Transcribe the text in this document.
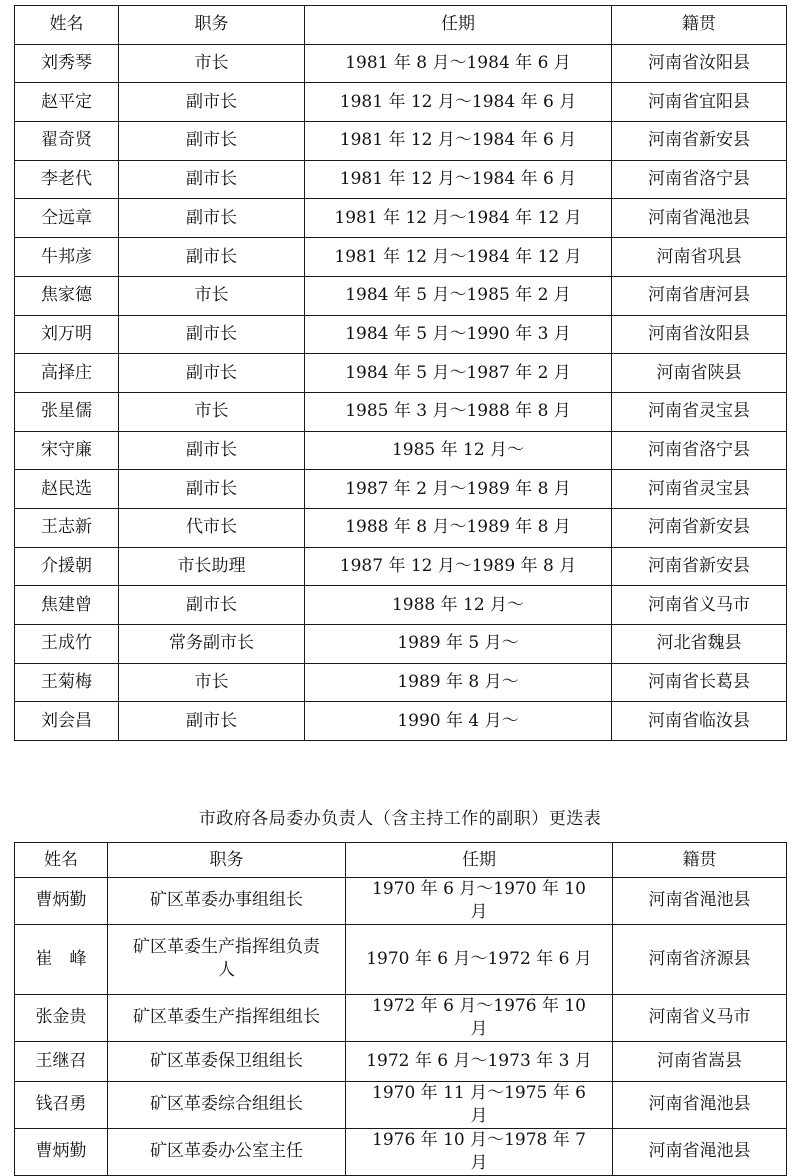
姓名	职务	任期	籍贯

刘秀琴	市长	1981 年 8 月～1984 年 6 月	河南省汝阳县

赵平定	副市长	1981 年 12 月～1984 年 6 月	河南省宜阳县

翟奇贤	副市长	1981 年 12 月～1984 年 6 月	河南省新安县

李老代	副市长	1981 年 12 月～1984 年 6 月	河南省洛宁县

仝远章	副市长	1981 年 12 月～1984 年 12 月	河南省渑池县

牛邦彦	副市长	1981 年 12 月～1984 年 12 月	河南省巩县

焦家德	市长	1984 年 5 月～1985 年 2 月	河南省唐河县

刘万明	副市长	1984 年 5 月～1990 年 3 月	河南省汝阳县

高择庄	副市长	1984 年 5 月～1987 年 2 月	河南省陕县

张星儒	市长	1985 年 3 月～1988 年 8 月	河南省灵宝县

宋守廉	副市长	1985 年 12 月～	河南省洛宁县

赵民选	副市长	1987 年 2 月～1989 年 8 月	河南省灵宝县

王志新	代市长	1988 年 8 月～1989 年 8 月	河南省新安县

介援朝	市长助理	1987 年 12 月～1989 年 8 月	河南省新安县

焦建曾	副市长	1988 年 12 月～	河南省义马市

王成竹	常务副市长	1989 年 5 月～	河北省魏县

王菊梅	市长	1989 年 8 月～	河南省长葛县

刘会昌	副市长	1990 年 4 月～	河南省临汝县
市政府各局委办负责人（含主持工作的副职）更迭表
姓名	职务	任期	籍贯

曹炳勤	矿区革委办事组组长	1970 年 6 月～1970 年 10 月	河南省渑池县

崔　峰	矿区革委生产指挥组负责人	1970 年 6 月～1972 年 6 月	河南省济源县

张金贵	矿区革委生产指挥组组长	1972 年 6 月～1976 年 10 月	河南省义马市

王继召	矿区革委保卫组组长	1972 年 6 月～1973 年 3 月	河南省嵩县

钱召勇	矿区革委综合组组长	1970 年 11 月～1975 年 6 月	河南省渑池县

曹炳勤	矿区革委办公室主任	1976 年 10 月～1978 年 7 月	河南省渑池县
